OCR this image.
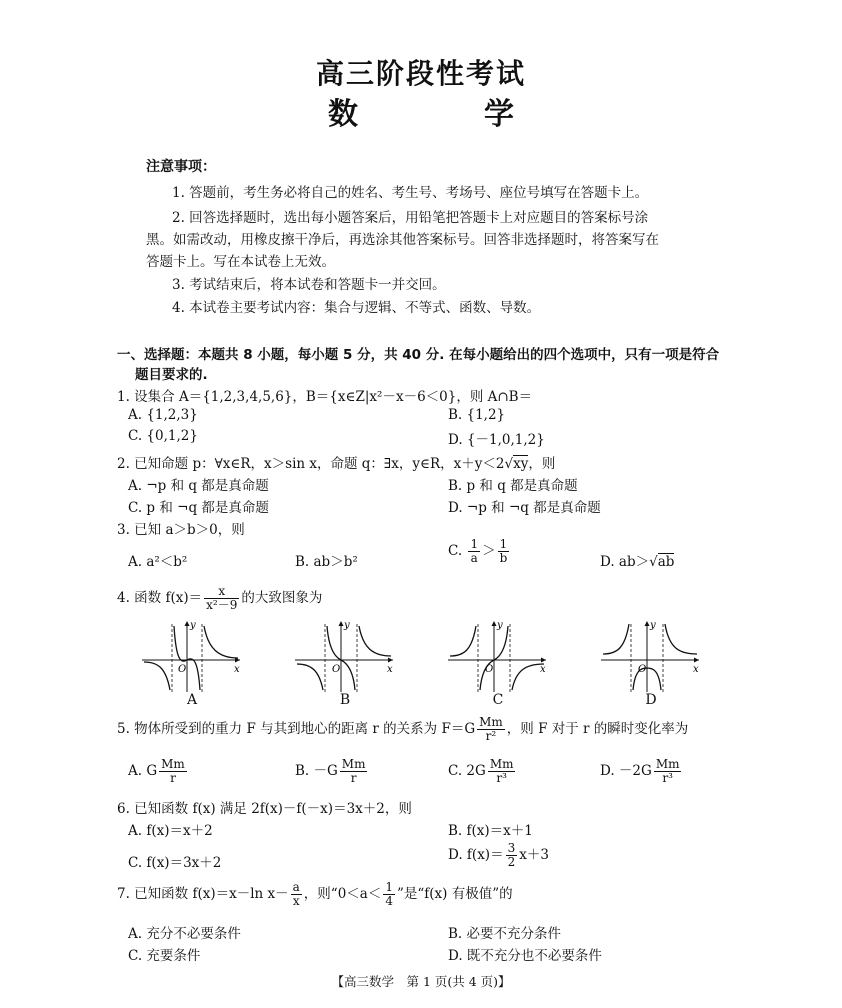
高三阶段性考试
数　学
注意事项：
1. 答题前，考生务必将自己的姓名、考生号、考场号、座位号填写在答题卡上。
2. 回答选择题时，选出每小题答案后，用铅笔把答题卡上对应题目的答案标号涂
黑。如需改动，用橡皮擦干净后，再选涂其他答案标号。回答非选择题时，将答案写在
答题卡上。写在本试卷上无效。
3. 考试结束后，将本试卷和答题卡一并交回。
4. 本试卷主要考试内容：集合与逻辑、不等式、函数、导数。
一、选择题：本题共 8 小题，每小题 5 分，共 40 分. 在每小题给出的四个选项中，只有一项是符合
题目要求的.
1. 设集合 A＝{1,2,3,4,5,6}，B＝{x∈Z|x²－x－6＜0}，则 A∩B＝
A. {1,2,3}	B. {1,2}
C. {0,1,2}	D. {－1,0,1,2}
2. 已知命题 p：∀x∈R，x＞sin x，命题 q：∃x，y∈R，x＋y＜2√xy，则
A. ¬p 和 q 都是真命题	B. p 和 q 都是真命题
C. p 和 ¬q 都是真命题	D. ¬p 和 ¬q 都是真命题
3. 已知 a＞b＞0，则
A. a²＜b²	B. ab＞b²
C. $\frac{1}{a} > \frac{1}{b}$	D. ab＞√ab
4. 函数 $f(x)= \frac{x}{\text{x²－9}}$ 的大致图象为
y
x
O
A
y
x
O
B
y
x
O
C
y
x
O
D
5. 物体所受到的重力 F 与其到地心的距离 r 的关系为 $F=G \frac{Mm}{\text{r²}}$ ，则 F 对于 r 的瞬时变化率为
A. G $\frac{Mm}{r}$	B. $-G \frac{Mm}{r}$	C. $2G \frac{Mm}{\text{r³}}$	D. $-2G \frac{Mm}{\text{r³}}$
6. 已知函数 f(x) 满足 2f(x)－f(－x)＝3x＋2，则
A. f(x)＝x＋2	B. f(x)＝x＋1
C. f(x)＝3x＋2	D. $f(x)= \frac{3}{2} x+3$
7. 已知函数 f(x)＝x－ln $x- \frac{a}{x}$ ，则“$0<a< \frac{1}{4}$ ”是“f(x) 有极值”的
A. 充分不必要条件	B. 必要不充分条件
C. 充要条件	D. 既不充分也不必要条件
【高三数学　第 1 页(共 4 页)】
